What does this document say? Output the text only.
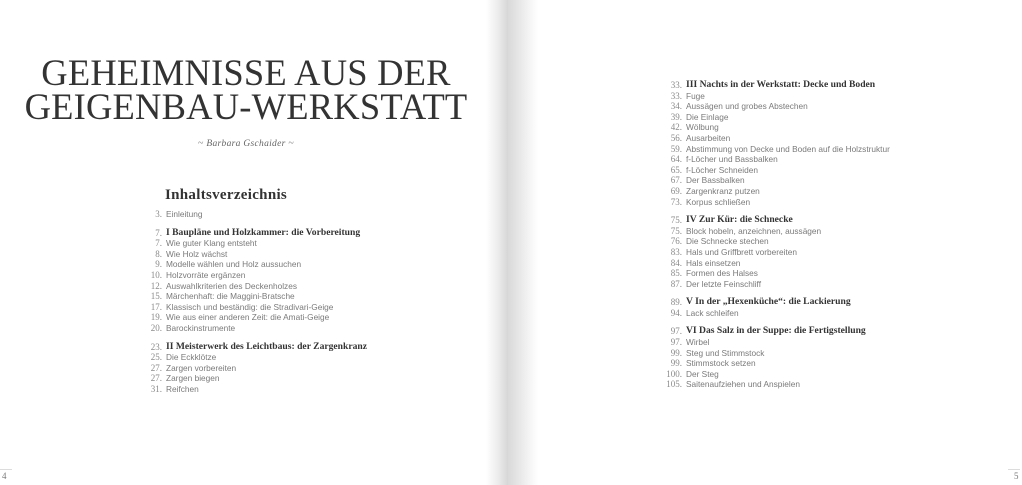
GEHEIMNISSE AUS DER
GEIGENBAU-WERKSTATT
~ Barbara Gschaider ~
Inhaltsverzeichnis
3. Einleitung
7. I Baupläne und Holzkammer: die Vorbereitung
7. Wie guter Klang entsteht
8. Wie Holz wächst
9. Modelle wählen und Holz aussuchen
10. Holzvorräte ergänzen
12. Auswahlkriterien des Deckenholzes
15. Märchenhaft: die Maggini-Bratsche
17. Klassisch und beständig: die Stradivari-Geige
19. Wie aus einer anderen Zeit: die Amati-Geige
20. Barockinstrumente
23. II Meisterwerk des Leichtbaus: der Zargenkranz
25. Die Eckklötze
27. Zargen vorbereiten
27. Zargen biegen
31. Reifchen
33. III Nachts in der Werkstatt: Decke und Boden
33. Fuge
34. Aussägen und grobes Abstechen
39. Die Einlage
42. Wölbung
56. Ausarbeiten
59. Abstimmung von Decke und Boden auf die Holzstruktur
64. f-Löcher und Bassbalken
65. f-Löcher Schneiden
67. Der Bassbalken
69. Zargenkranz putzen
73. Korpus schließen
75. IV Zur Kür: die Schnecke
75. Block hobeln, anzeichnen, aussägen
76. Die Schnecke stechen
83. Hals und Griffbrett vorbereiten
84. Hals einsetzen
85. Formen des Halses
87. Der letzte Feinschliff
89. V In der „Hexenküche“: die Lackierung
94. Lack schleifen
97. VI Das Salz in der Suppe: die Fertigstellung
97. Wirbel
99. Steg und Stimmstock
99. Stimmstock setzen
100. Der Steg
105. Saitenaufziehen und Anspielen
4	5
